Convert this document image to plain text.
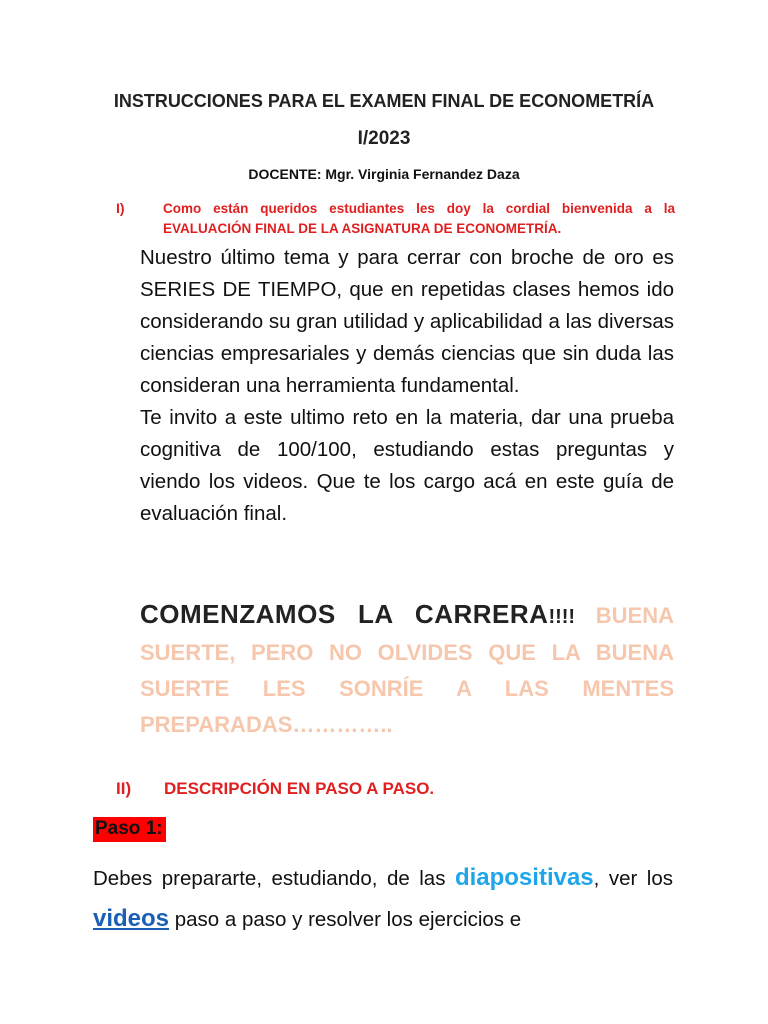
INSTRUCCIONES PARA EL EXAMEN FINAL DE ECONOMETRÍA
I/2023
DOCENTE: Mgr. Virginia Fernandez Daza
I)	Como están queridos estudiantes les doy la cordial bienvenida a la EVALUACIÓN FINAL DE LA ASIGNATURA DE ECONOMETRÍA.

Nuestro último tema y para cerrar con broche de oro es SERIES DE TIEMPO, que en repetidas clases hemos ido considerando su gran utilidad y aplicabilidad a las diversas ciencias empresariales y demás ciencias que sin duda las consideran una herramienta fundamental.

Te invito a este ultimo reto en la materia, dar una prueba cognitiva de 100/100, estudiando estas preguntas y viendo los videos. Que te los cargo acá en este guía de evaluación final.

COMENZAMOS LA CARRERA!!!! BUENA SUERTE, PERO NO OLVIDES QUE LA BUENA SUERTE LES SONRÍE A LAS MENTES PREPARADAS…………..
II) DESCRIPCIÓN EN PASO A PASO.
Paso 1:
Debes prepararte, estudiando, de las diapositivas, ver los videos paso a paso y resolver los ejercicios e
